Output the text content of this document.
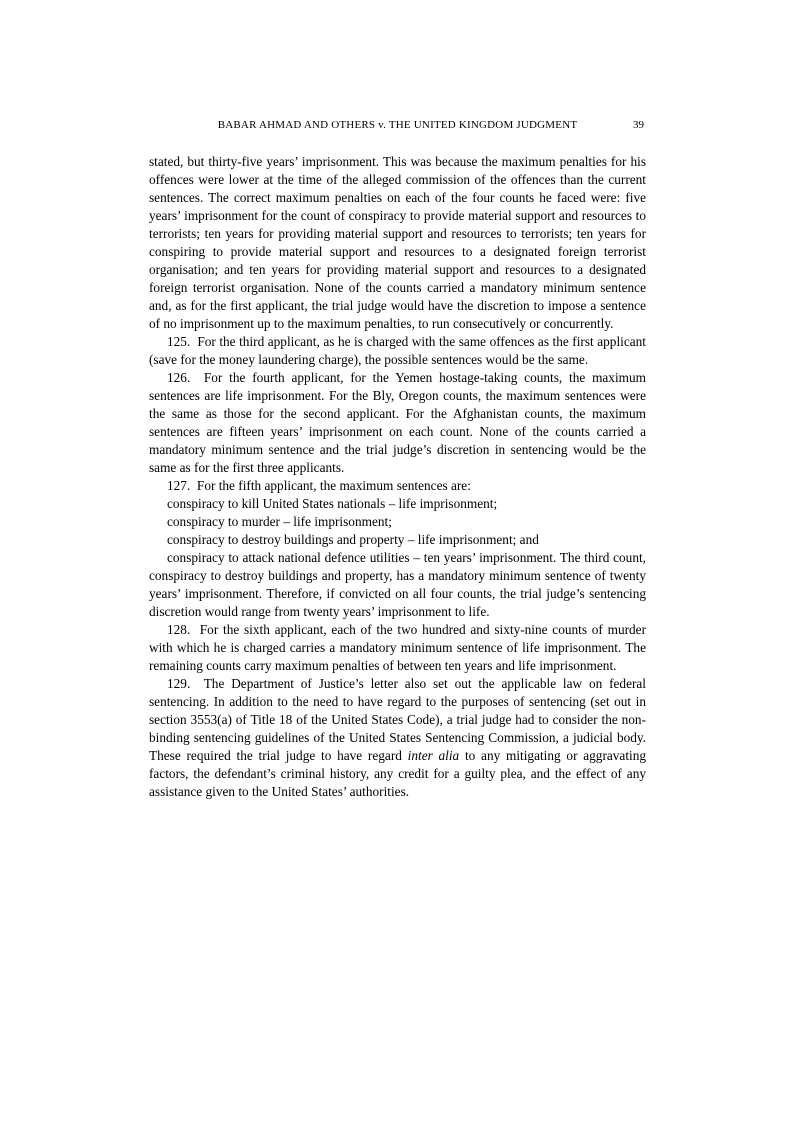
BABAR AHMAD AND OTHERS v. THE UNITED KINGDOM JUDGMENT	39

stated, but thirty-five years’ imprisonment. This was because the maximum penalties for his offences were lower at the time of the alleged commission of the offences than the current sentences. The correct maximum penalties on each of the four counts he faced were: five years’ imprisonment for the count of conspiracy to provide material support and resources to terrorists; ten years for providing material support and resources to terrorists; ten years for conspiring to provide material support and resources to a designated foreign terrorist organisation; and ten years for providing material support and resources to a designated foreign terrorist organisation. None of the counts carried a mandatory minimum sentence and, as for the first applicant, the trial judge would have the discretion to impose a sentence of no imprisonment up to the maximum penalties, to run consecutively or concurrently.

125.  For the third applicant, as he is charged with the same offences as the first applicant (save for the money laundering charge), the possible sentences would be the same.

126.  For the fourth applicant, for the Yemen hostage-taking counts, the maximum sentences are life imprisonment. For the Bly, Oregon counts, the maximum sentences were the same as those for the second applicant. For the Afghanistan counts, the maximum sentences are fifteen years’ imprisonment on each count. None of the counts carried a mandatory minimum sentence and the trial judge’s discretion in sentencing would be the same as for the first three applicants.

127.  For the fifth applicant, the maximum sentences are:

conspiracy to kill United States nationals – life imprisonment;

conspiracy to murder – life imprisonment;

conspiracy to destroy buildings and property – life imprisonment; and

conspiracy to attack national defence utilities – ten years’ imprisonment. The third count, conspiracy to destroy buildings and property, has a mandatory minimum sentence of twenty years’ imprisonment. Therefore, if convicted on all four counts, the trial judge’s sentencing discretion would range from twenty years’ imprisonment to life.

128.  For the sixth applicant, each of the two hundred and sixty-nine counts of murder with which he is charged carries a mandatory minimum sentence of life imprisonment. The remaining counts carry maximum penalties of between ten years and life imprisonment.

129.  The Department of Justice’s letter also set out the applicable law on federal sentencing. In addition to the need to have regard to the purposes of sentencing (set out in section 3553(a) of Title 18 of the United States Code), a trial judge had to consider the non-binding sentencing guidelines of the United States Sentencing Commission, a judicial body. These required the trial judge to have regard inter alia to any mitigating or aggravating factors, the defendant’s criminal history, any credit for a guilty plea, and the effect of any assistance given to the United States’ authorities.
